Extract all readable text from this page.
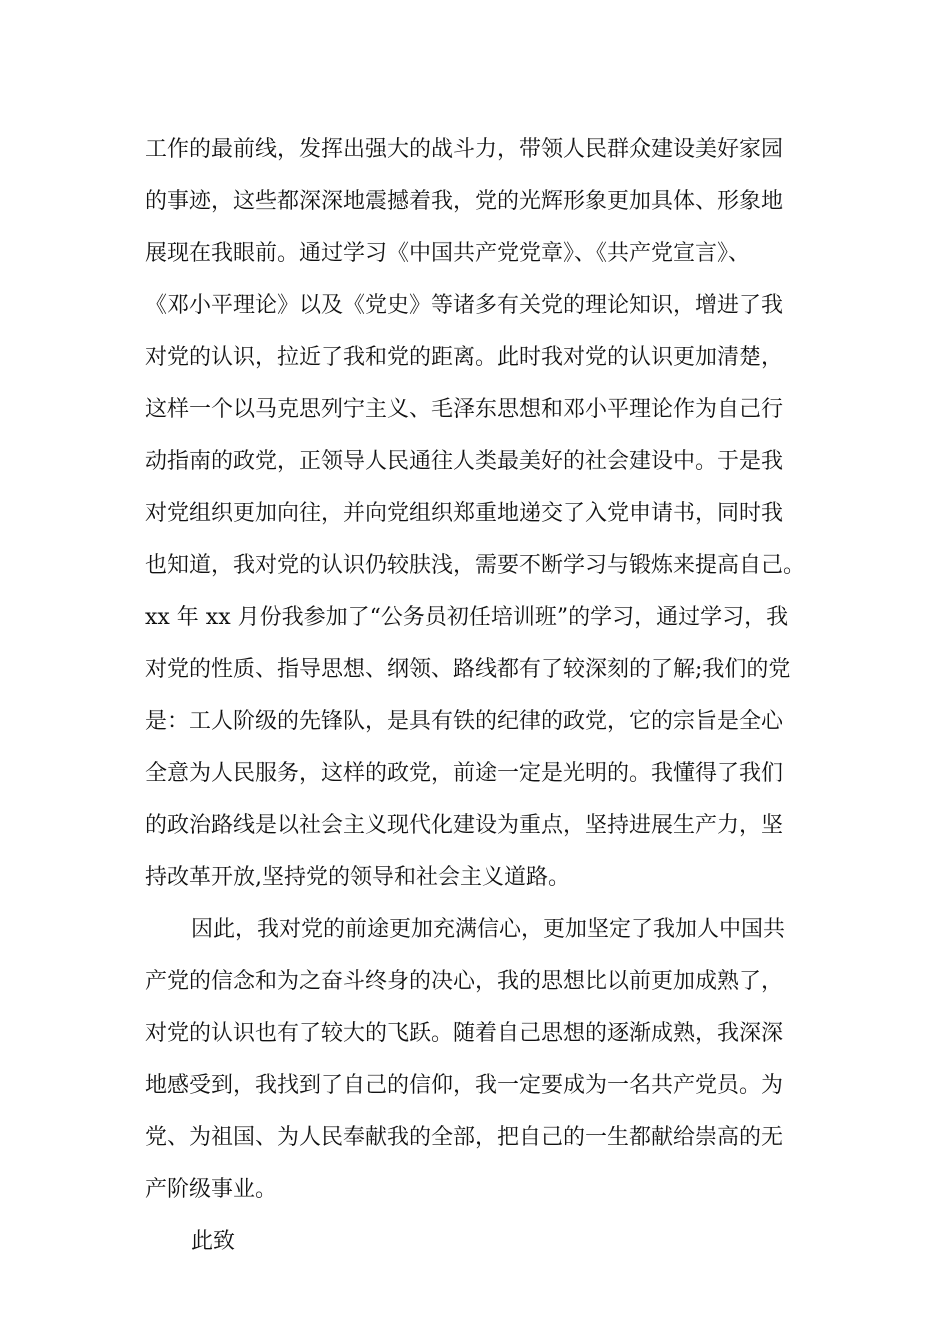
工作的最前线，发挥出强大的战斗力，带领人民群众建设美好家园
的事迹，这些都深深地震撼着我，党的光辉形象更加具体、形象地
展现在我眼前。通过学习《中国共产党党章》、《共产党宣言》、
《邓小平理论》以及《党史》等诸多有关党的理论知识，增进了我
对党的认识，拉近了我和党的距离。此时我对党的认识更加清楚，
这样一个以马克思列宁主义、毛泽东思想和邓小平理论作为自己行
动指南的政党，正领导人民通往人类最美好的社会建设中。于是我
对党组织更加向往，并向党组织郑重地递交了入党申请书，同时我
也知道，我对党的认识仍较肤浅，需要不断学习与锻炼来提高自己。
xx 年 xx 月份我参加了“公务员初任培训班”的学习，通过学习，我
对党的性质、指导思想、纲领、路线都有了较深刻的了解;我们的党
是：工人阶级的先锋队，是具有铁的纪律的政党，它的宗旨是全心
全意为人民服务，这样的政党，前途一定是光明的。我懂得了我们
的政治路线是以社会主义现代化建设为重点，坚持进展生产力，坚
持改革开放,坚持党的领导和社会主义道路。
因此，我对党的前途更加充满信心，更加坚定了我加人中国共
产党的信念和为之奋斗终身的决心，我的思想比以前更加成熟了，
对党的认识也有了较大的飞跃。随着自己思想的逐渐成熟，我深深
地感受到，我找到了自己的信仰，我一定要成为一名共产党员。为
党、为祖国、为人民奉献我的全部，把自己的一生都献给崇高的无
产阶级事业。
此致
